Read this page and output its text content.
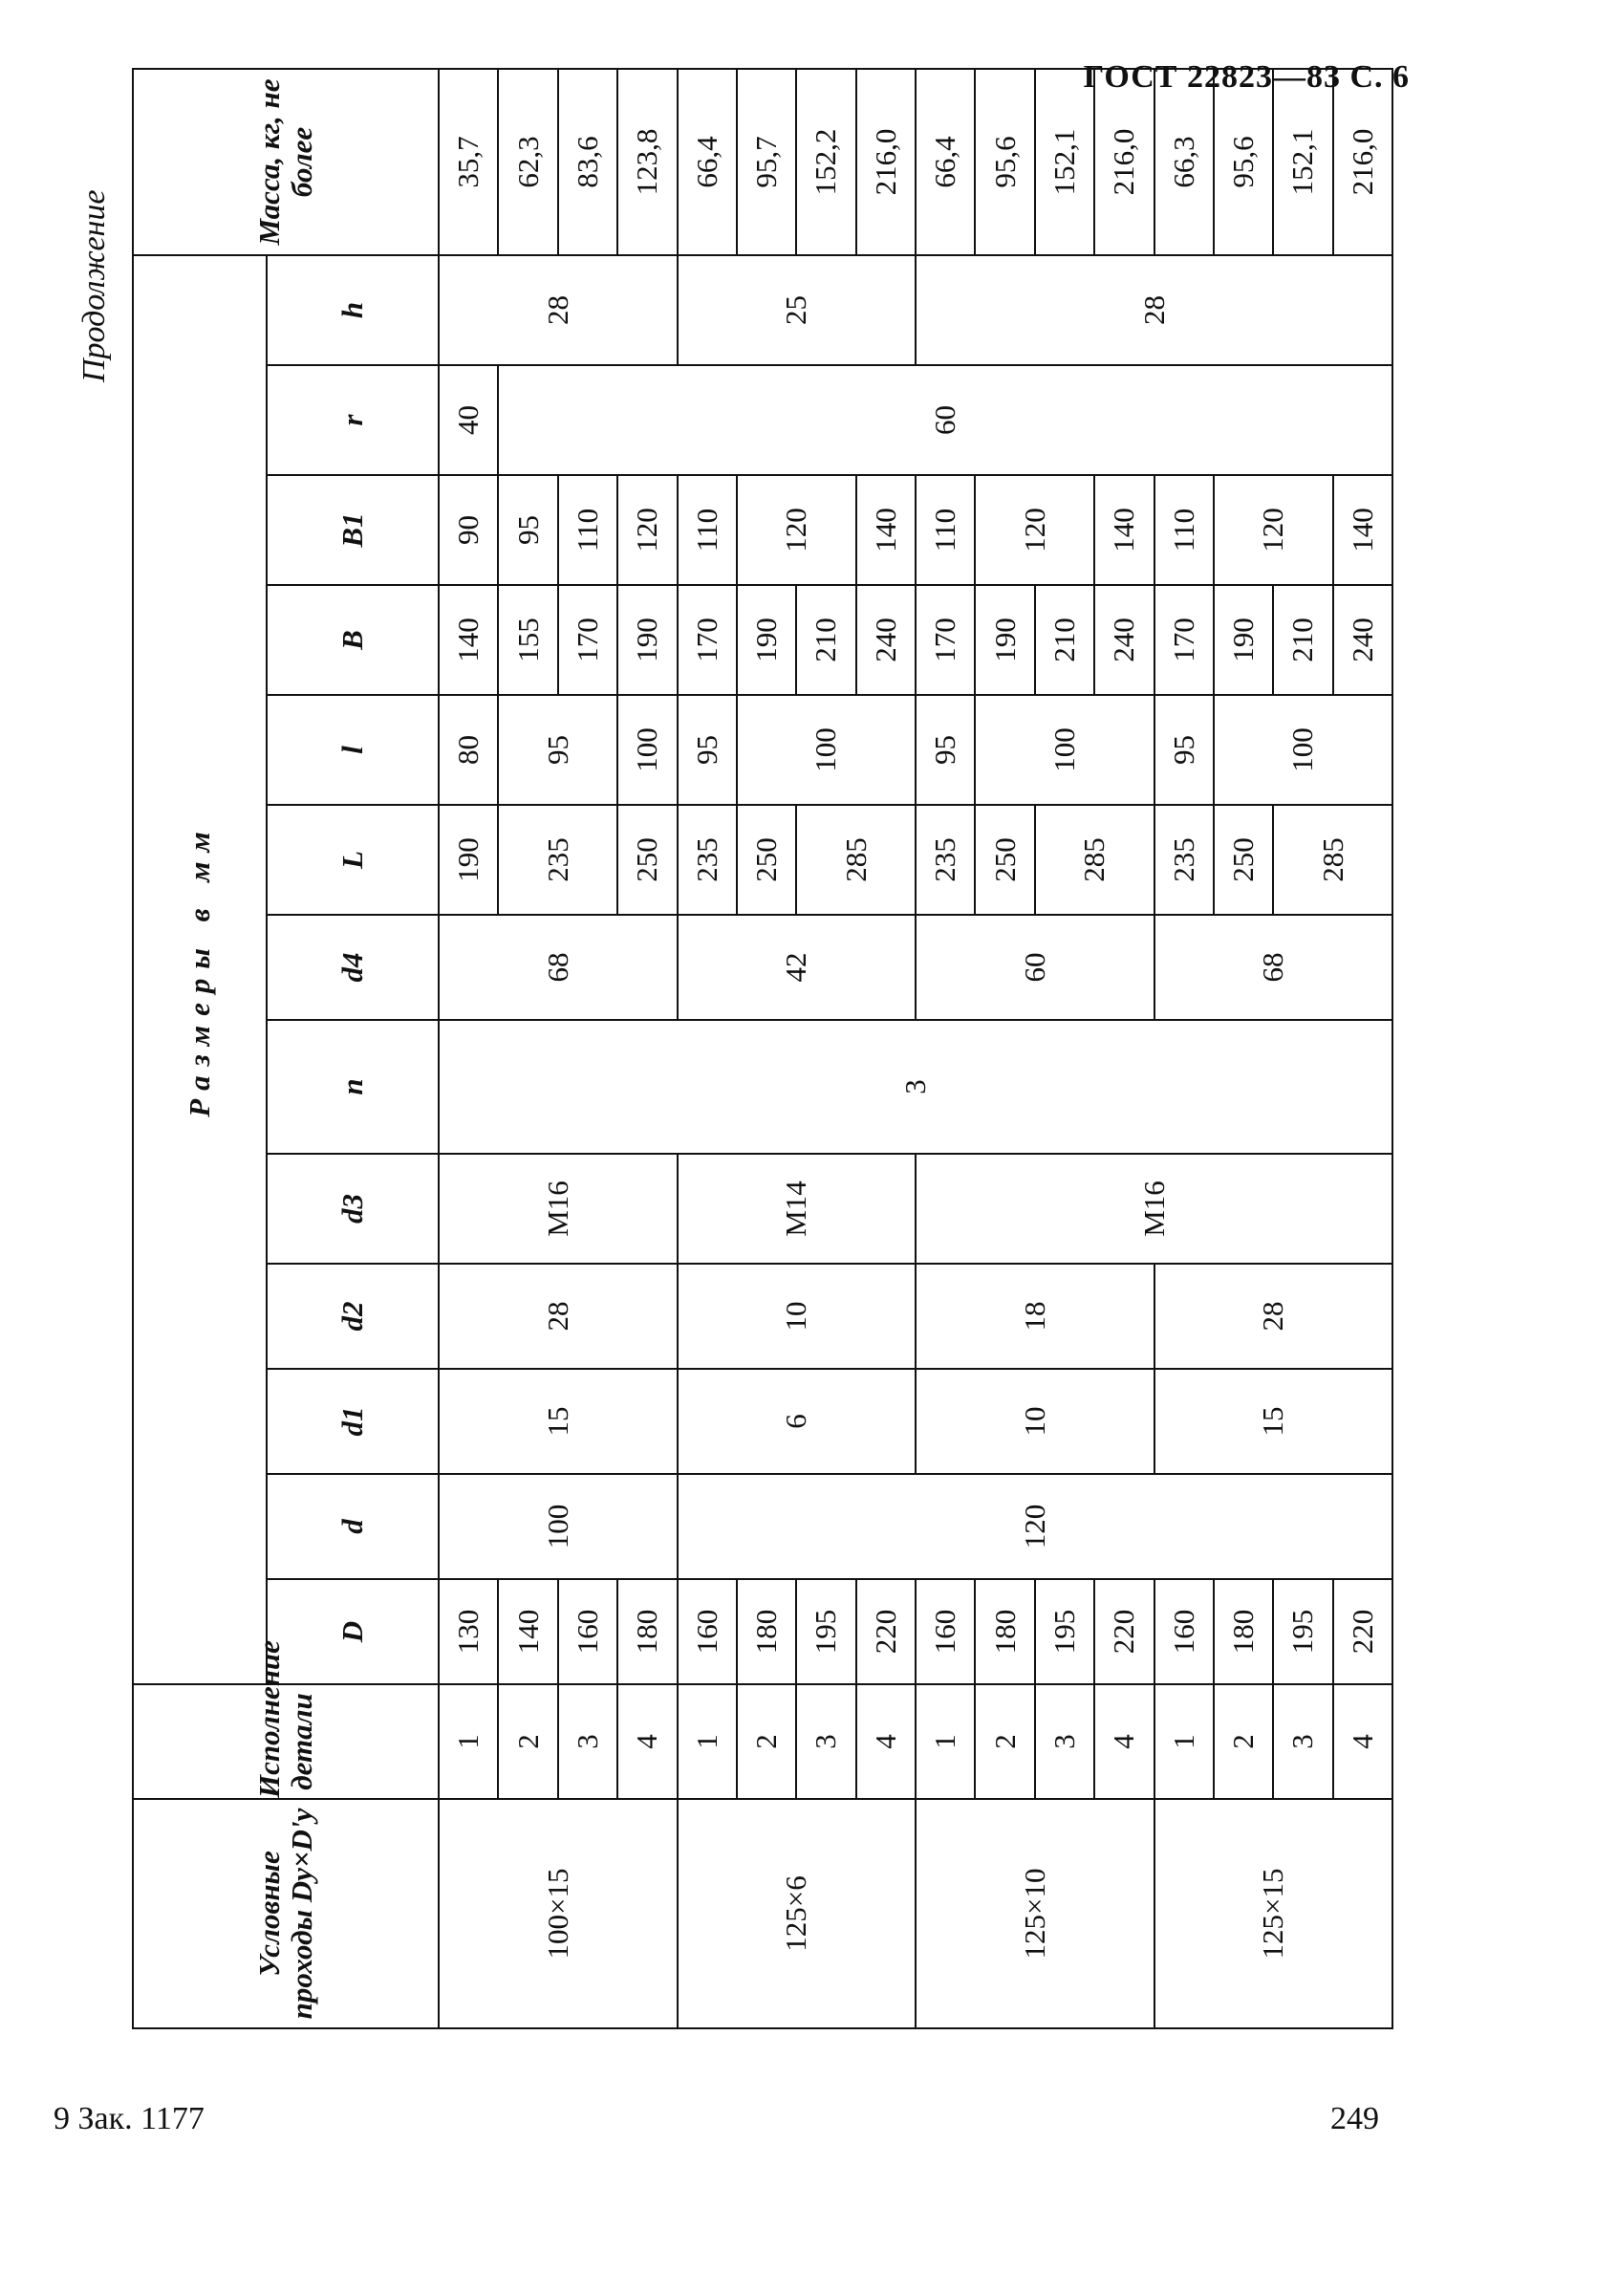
ГОСТ 22823—83 С. 6
Продолжение
9 Зак. 1177	249
Условные проходы Dу×D'у	Исполнение детали	Размеры в мм													Масса, кг, не более
		D	d	d1	d2	d3	n	d4	L	l	B	B1	r	h	
100×15	1	130	100	15	28	М16	3	68	190	80	140	90	40	28	35,7
	2	140							235	95	155	95	60		62,3
	3	160									170	110			83,6
	4	180							250	100	190	120			123,8
125×6	1	160	120	6	10	М14		42	235	95	170	110		25	66,4
	2	180							250	100	190	120			95,7
	3	195							285		210				152,2
	4	220									240	140			216,0
125×10	1	160		10	18	М16		60	235	95	170	110		28	66,4
	2	180							250	100	190	120			95,6
	3	195							285		210				152,1
	4	220									240	140			216,0
125×15	1	160		15	28			68	235	95	170	110			66,3
	2	180							250	100	190	120			95,6
	3	195							285		210				152,1
	4	220									240	140			216,0
